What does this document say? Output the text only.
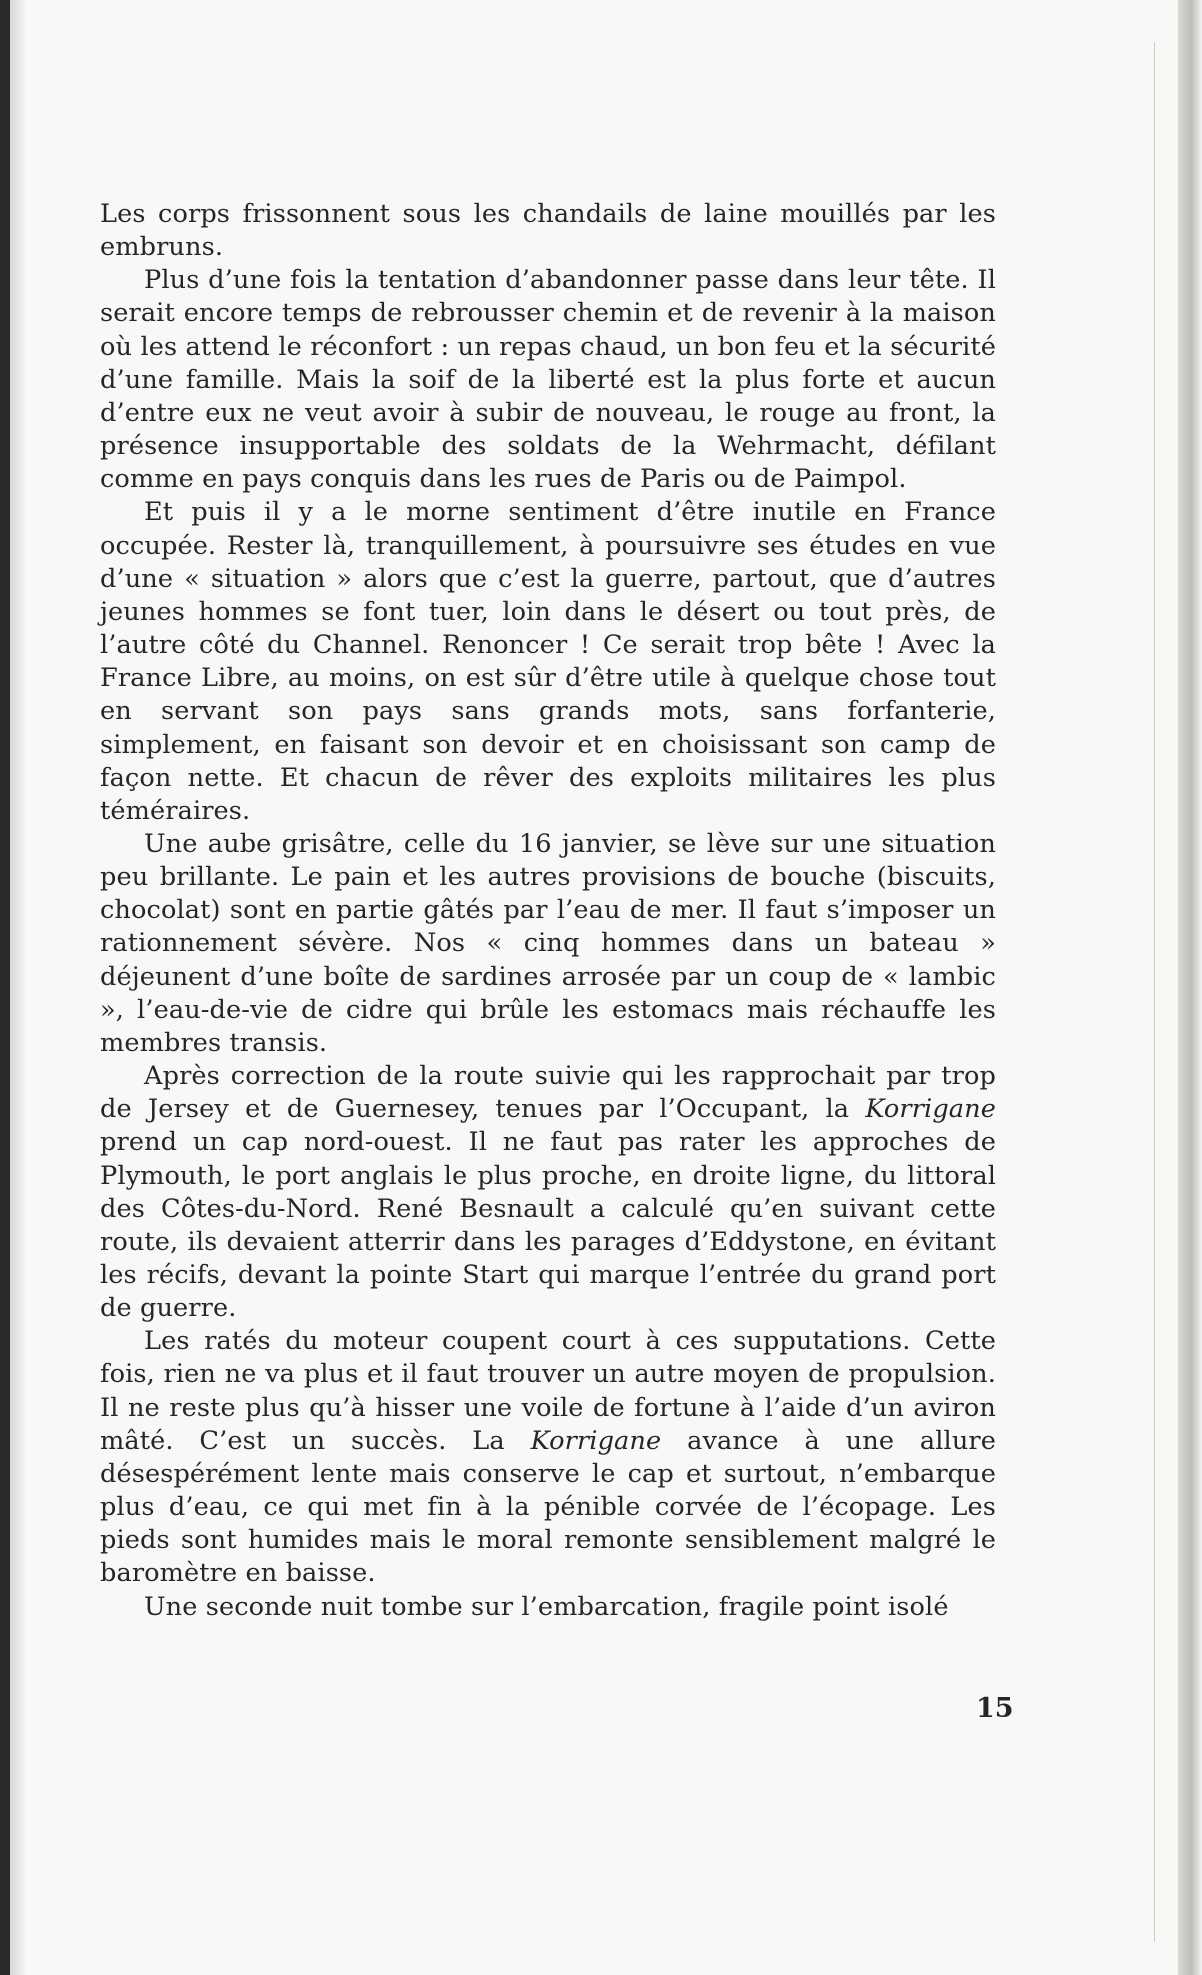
Les corps frissonnent sous les chandails de laine mouillés par les embruns.

Plus d’une fois la tentation d’abandonner passe dans leur tête. Il serait encore temps de rebrousser chemin et de revenir à la maison où les attend le réconfort : un repas chaud, un bon feu et la sécurité d’une famille. Mais la soif de la liberté est la plus forte et aucun d’entre eux ne veut avoir à subir de nouveau, le rouge au front, la présence insupportable des soldats de la Wehrmacht, défilant comme en pays conquis dans les rues de Paris ou de Paimpol.

Et puis il y a le morne sentiment d’être inutile en France occupée. Rester là, tranquillement, à poursuivre ses études en vue d’une « situation » alors que c’est la guerre, partout, que d’autres jeunes hommes se font tuer, loin dans le désert ou tout près, de l’autre côté du Channel. Renoncer ! Ce serait trop bête ! Avec la France Libre, au moins, on est sûr d’être utile à quelque chose tout en servant son pays sans grands mots, sans forfanterie, simplement, en faisant son devoir et en choisissant son camp de façon nette. Et chacun de rêver des exploits militaires les plus téméraires.

Une aube grisâtre, celle du 16 janvier, se lève sur une situation peu brillante. Le pain et les autres provisions de bouche (biscuits, chocolat) sont en partie gâtés par l’eau de mer. Il faut s’imposer un rationnement sévère. Nos « cinq hommes dans un bateau » déjeunent d’une boîte de sardines arrosée par un coup de « lambic », l’eau-de-vie de cidre qui brûle les estomacs mais réchauffe les membres transis.

Après correction de la route suivie qui les rapprochait par trop de Jersey et de Guernesey, tenues par l’Occupant, la Korrigane prend un cap nord-ouest. Il ne faut pas rater les approches de Plymouth, le port anglais le plus proche, en droite ligne, du littoral des Côtes-du-Nord. René Besnault a calculé qu’en suivant cette route, ils devaient atterrir dans les parages d’Eddystone, en évitant les récifs, devant la pointe Start qui marque l’entrée du grand port de guerre.

Les ratés du moteur coupent court à ces supputations. Cette fois, rien ne va plus et il faut trouver un autre moyen de propulsion. Il ne reste plus qu’à hisser une voile de fortune à l’aide d’un aviron mâté. C’est un succès. La Korrigane avance à une allure désespérément lente mais conserve le cap et surtout, n’embarque plus d’eau, ce qui met fin à la pénible corvée de l’écopage. Les pieds sont humides mais le moral remonte sensiblement malgré le baromètre en baisse.

Une seconde nuit tombe sur l’embarcation, fragile point isolé

15
